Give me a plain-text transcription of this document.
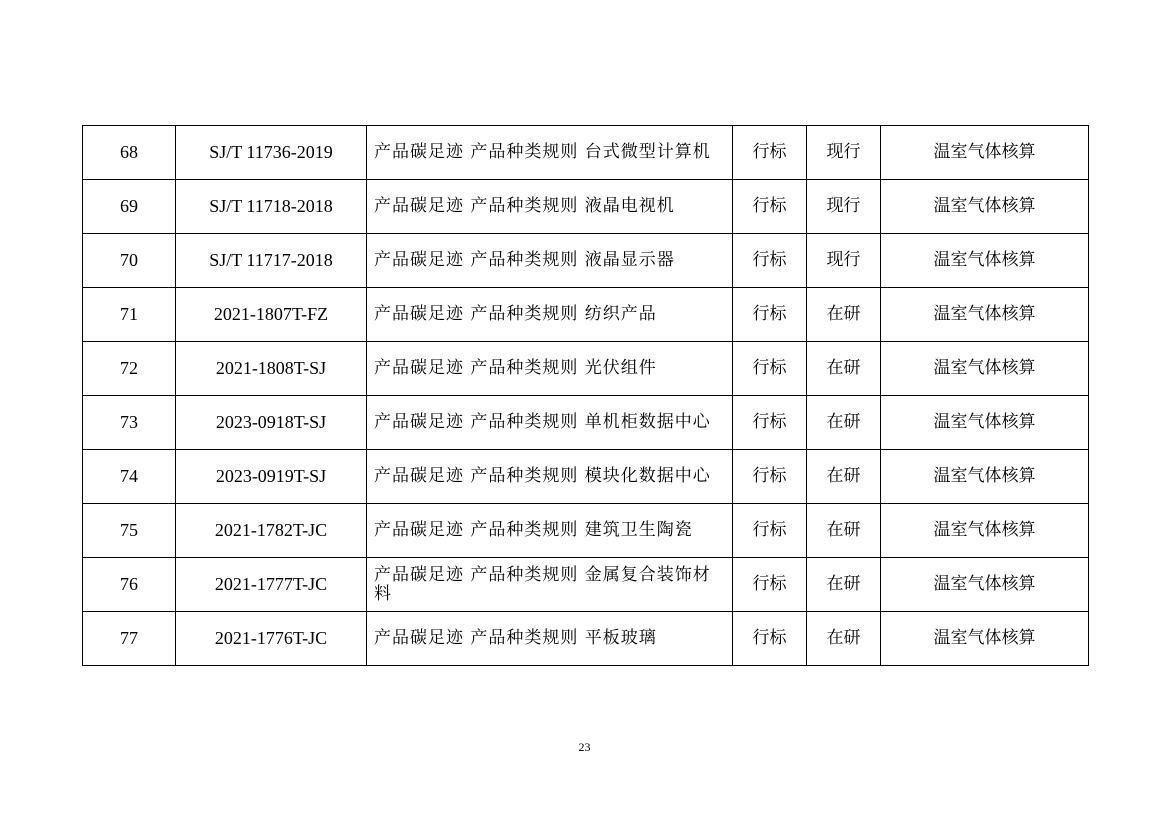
68	SJ/T 11736-2019	产品碳足迹 产品种类规则 台式微型计算机	行标	现行	温室气体核算
69	SJ/T 11718-2018	产品碳足迹 产品种类规则 液晶电视机	行标	现行	温室气体核算
70	SJ/T 11717-2018	产品碳足迹 产品种类规则 液晶显示器	行标	现行	温室气体核算
71	2021-1807T-FZ	产品碳足迹 产品种类规则 纺织产品	行标	在研	温室气体核算
72	2021-1808T-SJ	产品碳足迹 产品种类规则 光伏组件	行标	在研	温室气体核算
73	2023-0918T-SJ	产品碳足迹 产品种类规则 单机柜数据中心	行标	在研	温室气体核算
74	2023-0919T-SJ	产品碳足迹 产品种类规则 模块化数据中心	行标	在研	温室气体核算
75	2021-1782T-JC	产品碳足迹 产品种类规则 建筑卫生陶瓷	行标	在研	温室气体核算
76	2021-1777T-JC	产品碳足迹 产品种类规则 金属复合装饰材料	行标	在研	温室气体核算
77	2021-1776T-JC	产品碳足迹 产品种类规则 平板玻璃	行标	在研	温室气体核算
23
